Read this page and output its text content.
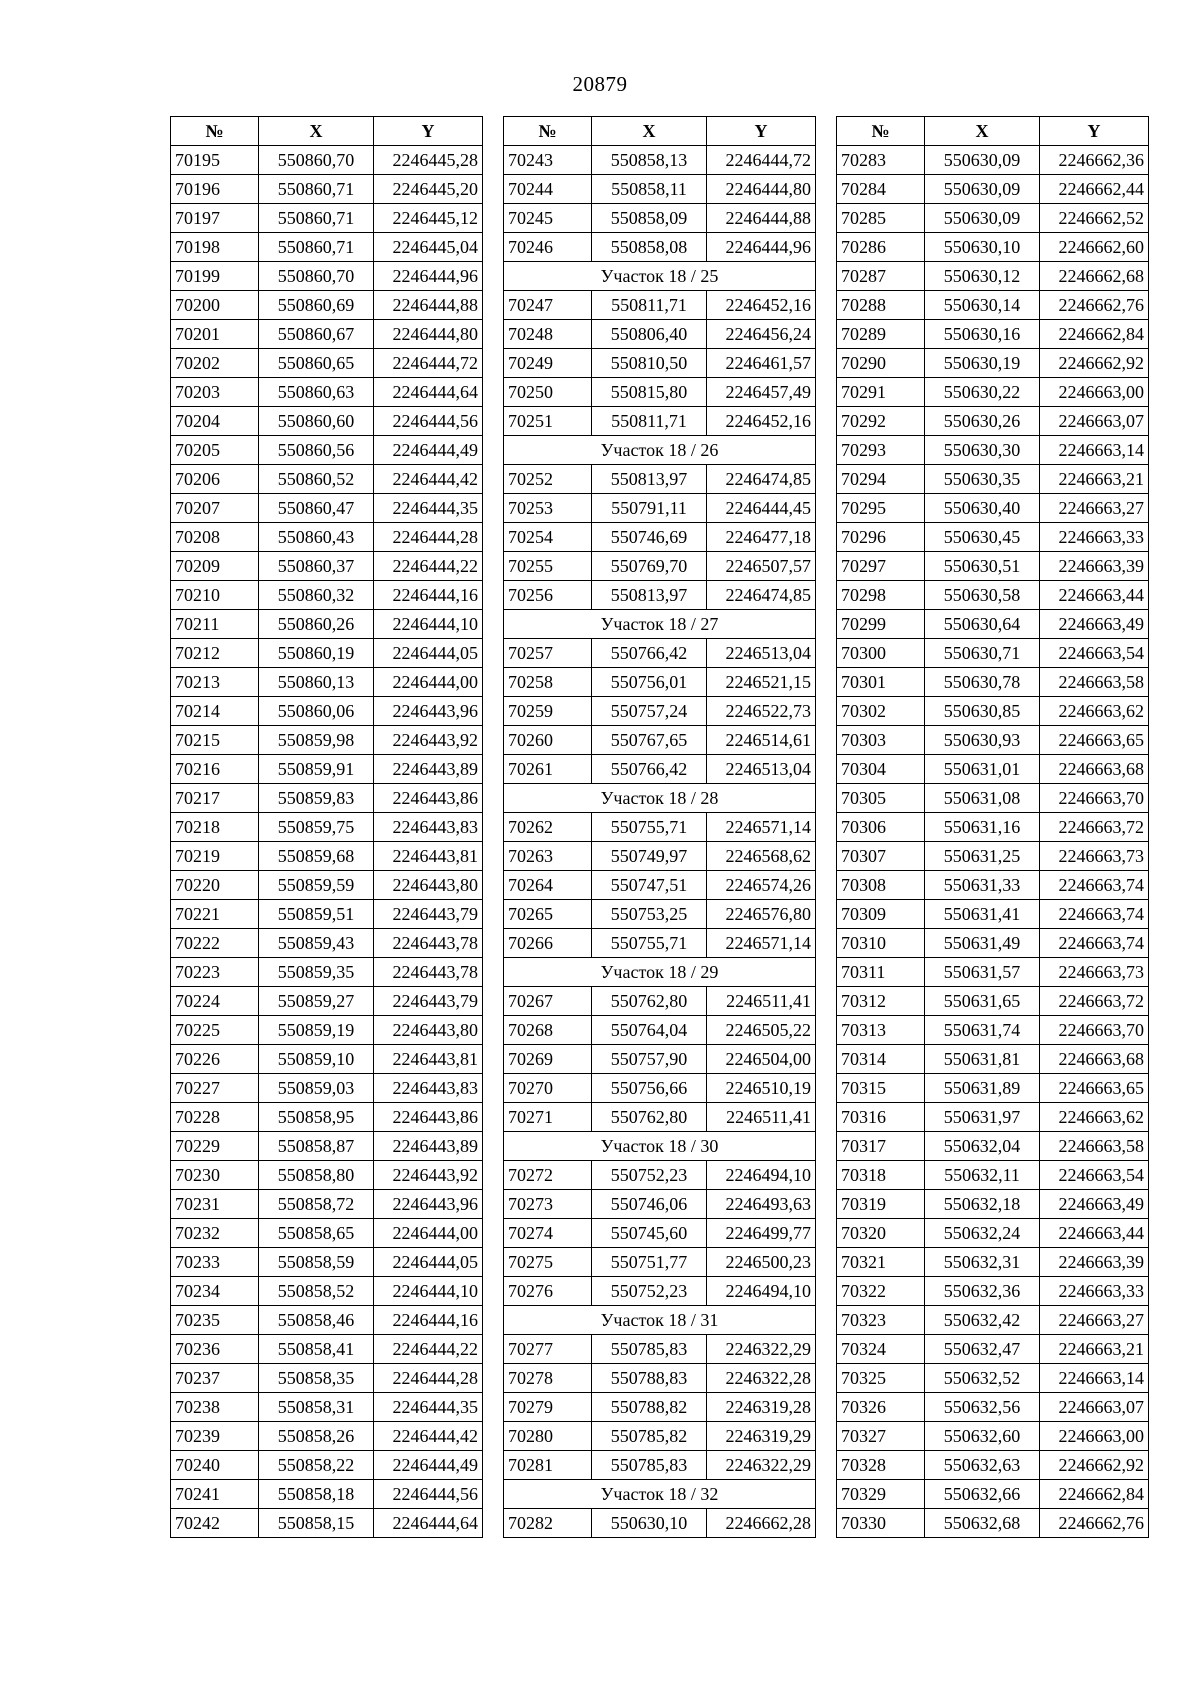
20879
№	X	Y
70195	550860,70	2246445,28
70196	550860,71	2246445,20
70197	550860,71	2246445,12
70198	550860,71	2246445,04
70199	550860,70	2246444,96
70200	550860,69	2246444,88
70201	550860,67	2246444,80
70202	550860,65	2246444,72
70203	550860,63	2246444,64
70204	550860,60	2246444,56
70205	550860,56	2246444,49
70206	550860,52	2246444,42
70207	550860,47	2246444,35
70208	550860,43	2246444,28
70209	550860,37	2246444,22
70210	550860,32	2246444,16
70211	550860,26	2246444,10
70212	550860,19	2246444,05
70213	550860,13	2246444,00
70214	550860,06	2246443,96
70215	550859,98	2246443,92
70216	550859,91	2246443,89
70217	550859,83	2246443,86
70218	550859,75	2246443,83
70219	550859,68	2246443,81
70220	550859,59	2246443,80
70221	550859,51	2246443,79
70222	550859,43	2246443,78
70223	550859,35	2246443,78
70224	550859,27	2246443,79
70225	550859,19	2246443,80
70226	550859,10	2246443,81
70227	550859,03	2246443,83
70228	550858,95	2246443,86
70229	550858,87	2246443,89
70230	550858,80	2246443,92
70231	550858,72	2246443,96
70232	550858,65	2246444,00
70233	550858,59	2246444,05
70234	550858,52	2246444,10
70235	550858,46	2246444,16
70236	550858,41	2246444,22
70237	550858,35	2246444,28
70238	550858,31	2246444,35
70239	550858,26	2246444,42
70240	550858,22	2246444,49
70241	550858,18	2246444,56
70242	550858,15	2246444,64
№	X	Y
70243	550858,13	2246444,72
70244	550858,11	2246444,80
70245	550858,09	2246444,88
70246	550858,08	2246444,96
Участок 18 / 25		
70247	550811,71	2246452,16
70248	550806,40	2246456,24
70249	550810,50	2246461,57
70250	550815,80	2246457,49
70251	550811,71	2246452,16
Участок 18 / 26		
70252	550813,97	2246474,85
70253	550791,11	2246444,45
70254	550746,69	2246477,18
70255	550769,70	2246507,57
70256	550813,97	2246474,85
Участок 18 / 27		
70257	550766,42	2246513,04
70258	550756,01	2246521,15
70259	550757,24	2246522,73
70260	550767,65	2246514,61
70261	550766,42	2246513,04
Участок 18 / 28		
70262	550755,71	2246571,14
70263	550749,97	2246568,62
70264	550747,51	2246574,26
70265	550753,25	2246576,80
70266	550755,71	2246571,14
Участок 18 / 29		
70267	550762,80	2246511,41
70268	550764,04	2246505,22
70269	550757,90	2246504,00
70270	550756,66	2246510,19
70271	550762,80	2246511,41
Участок 18 / 30		
70272	550752,23	2246494,10
70273	550746,06	2246493,63
70274	550745,60	2246499,77
70275	550751,77	2246500,23
70276	550752,23	2246494,10
Участок 18 / 31		
70277	550785,83	2246322,29
70278	550788,83	2246322,28
70279	550788,82	2246319,28
70280	550785,82	2246319,29
70281	550785,83	2246322,29
Участок 18 / 32		
70282	550630,10	2246662,28
№	X	Y
70283	550630,09	2246662,36
70284	550630,09	2246662,44
70285	550630,09	2246662,52
70286	550630,10	2246662,60
70287	550630,12	2246662,68
70288	550630,14	2246662,76
70289	550630,16	2246662,84
70290	550630,19	2246662,92
70291	550630,22	2246663,00
70292	550630,26	2246663,07
70293	550630,30	2246663,14
70294	550630,35	2246663,21
70295	550630,40	2246663,27
70296	550630,45	2246663,33
70297	550630,51	2246663,39
70298	550630,58	2246663,44
70299	550630,64	2246663,49
70300	550630,71	2246663,54
70301	550630,78	2246663,58
70302	550630,85	2246663,62
70303	550630,93	2246663,65
70304	550631,01	2246663,68
70305	550631,08	2246663,70
70306	550631,16	2246663,72
70307	550631,25	2246663,73
70308	550631,33	2246663,74
70309	550631,41	2246663,74
70310	550631,49	2246663,74
70311	550631,57	2246663,73
70312	550631,65	2246663,72
70313	550631,74	2246663,70
70314	550631,81	2246663,68
70315	550631,89	2246663,65
70316	550631,97	2246663,62
70317	550632,04	2246663,58
70318	550632,11	2246663,54
70319	550632,18	2246663,49
70320	550632,24	2246663,44
70321	550632,31	2246663,39
70322	550632,36	2246663,33
70323	550632,42	2246663,27
70324	550632,47	2246663,21
70325	550632,52	2246663,14
70326	550632,56	2246663,07
70327	550632,60	2246663,00
70328	550632,63	2246662,92
70329	550632,66	2246662,84
70330	550632,68	2246662,76
